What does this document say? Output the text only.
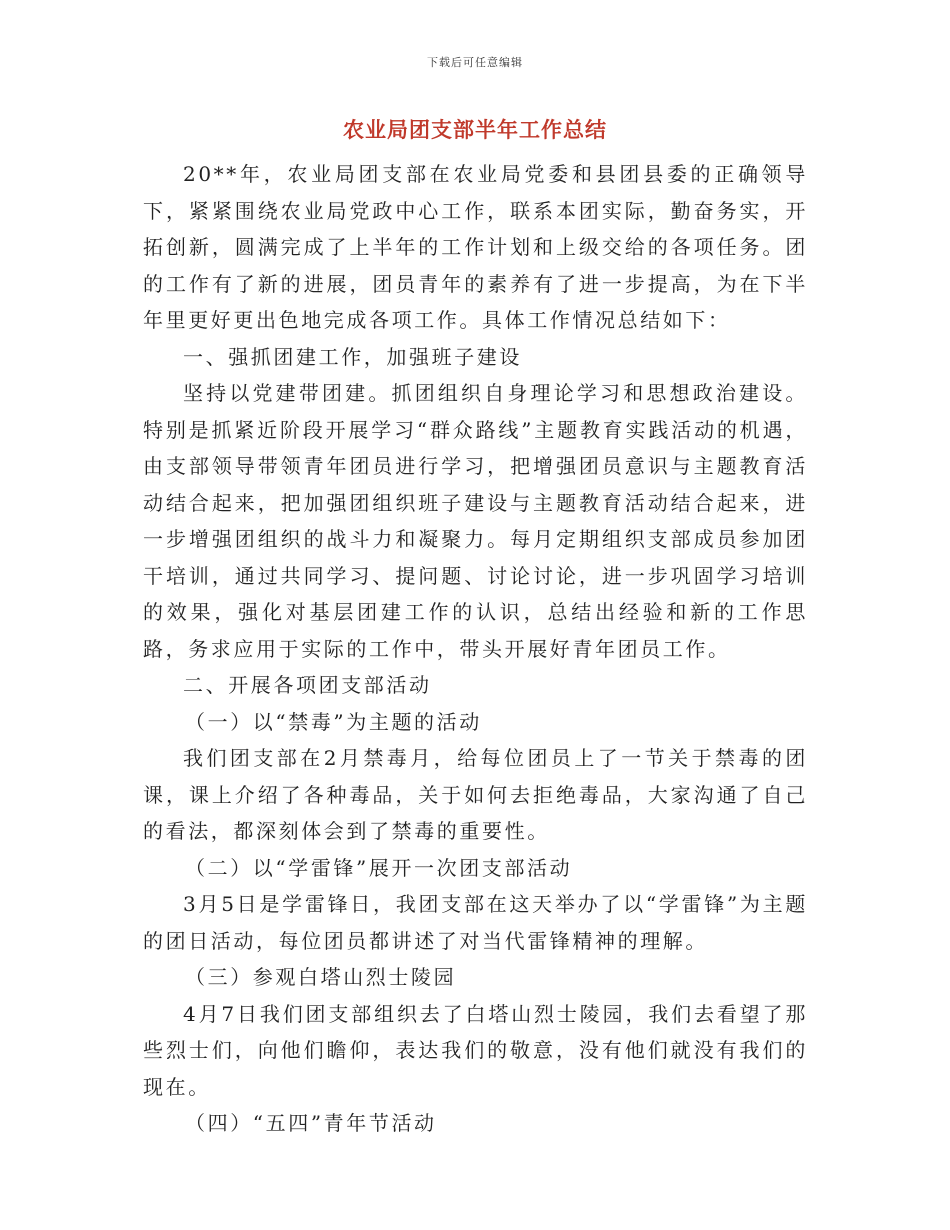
下载后可任意编辑
农业局团支部半年工作总结

20**年，农业局团支部在农业局党委和县团县委的正确领导下，紧紧围绕农业局党政中心工作，联系本团实际，勤奋务实，开拓创新，圆满完成了上半年的工作计划和上级交给的各项任务。团的工作有了新的进展，团员青年的素养有了进一步提高，为在下半年里更好更出色地完成各项工作。具体工作情况总结如下：

一、强抓团建工作，加强班子建设

坚持以党建带团建。抓团组织自身理论学习和思想政治建设。特别是抓紧近阶段开展学习“群众路线”主题教育实践活动的机遇，由支部领导带领青年团员进行学习，把增强团员意识与主题教育活动结合起来，把加强团组织班子建设与主题教育活动结合起来，进一步增强团组织的战斗力和凝聚力。每月定期组织支部成员参加团干培训，通过共同学习、提问题、讨论讨论，进一步巩固学习培训的效果，强化对基层团建工作的认识，总结出经验和新的工作思路，务求应用于实际的工作中，带头开展好青年团员工作。

二、开展各项团支部活动

（一）以“禁毒”为主题的活动

我们团支部在2月禁毒月，给每位团员上了一节关于禁毒的团课，课上介绍了各种毒品，关于如何去拒绝毒品，大家沟通了自己的看法，都深刻体会到了禁毒的重要性。

（二）以“学雷锋”展开一次团支部活动

3月5日是学雷锋日，我团支部在这天举办了以“学雷锋”为主题的团日活动，每位团员都讲述了对当代雷锋精神的理解。

（三）参观白塔山烈士陵园

4月7日我们团支部组织去了白塔山烈士陵园，我们去看望了那些烈士们，向他们瞻仰，表达我们的敬意，没有他们就没有我们的现在。

（四）“五四”青年节活动
